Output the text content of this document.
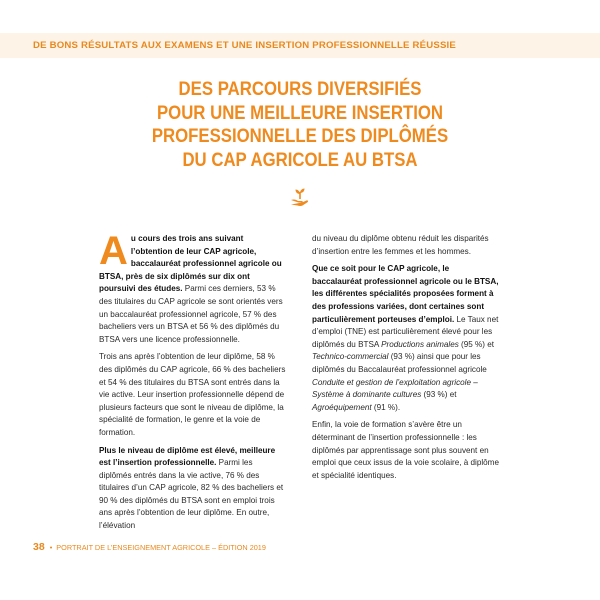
DE BONS RÉSULTATS AUX EXAMENS ET UNE INSERTION PROFESSIONNELLE RÉUSSIE
DES PARCOURS DIVERSIFIÉS
POUR UNE MEILLEURE INSERTION
PROFESSIONNELLE DES DIPLÔMÉS
DU CAP AGRICOLE AU BTSA

Au cours des trois ans suivant l’obtention de leur CAP agricole, baccalauréat professionnel agricole ou BTSA, près de six diplômés sur dix ont poursuivi des études. Parmi ces derniers, 53 % des titulaires du CAP agricole se sont orientés vers un baccalauréat professionnel agricole, 57 % des bacheliers vers un BTSA et 56 % des diplômés du BTSA vers une licence professionnelle.

Trois ans après l’obtention de leur diplôme, 58 % des diplômés du CAP agricole, 66 % des bacheliers et 54 % des titulaires du BTSA sont entrés dans la vie active. Leur insertion professionnelle dépend de plusieurs facteurs que sont le niveau de diplôme, la spécialité de formation, le genre et la voie de formation.

Plus le niveau de diplôme est élevé, meilleure est l’insertion professionnelle. Parmi les diplômés entrés dans la vie active, 76 % des titulaires d’un CAP agricole, 82 % des bacheliers et 90 % des diplômés du BTSA sont en emploi trois ans après l’obtention de leur diplôme. En outre, l’élévation

du niveau du diplôme obtenu réduit les disparités d’insertion entre les femmes et les hommes.

Que ce soit pour le CAP agricole, le baccalauréat professionnel agricole ou le BTSA, les différentes spécialités proposées forment à des professions variées, dont certaines sont particulièrement porteuses d’emploi. Le Taux net d’emploi (TNE) est particulièrement élevé pour les diplômés du BTSA Productions animales (95 %) et Technico-commercial (93 %) ainsi que pour les diplômés du Baccalauréat professionnel agricole Conduite et gestion de l’exploitation agricole – Système à dominante cultures (93 %) et Agroéquipement (91 %).

Enfin, la voie de formation s’avère être un déterminant de l’insertion professionnelle : les diplômés par apprentissage sont plus souvent en emploi que ceux issus de la voie scolaire, à diplôme et spécialité identiques.

38 • PORTRAIT DE L’ENSEIGNEMENT AGRICOLE – ÉDITION 2019
